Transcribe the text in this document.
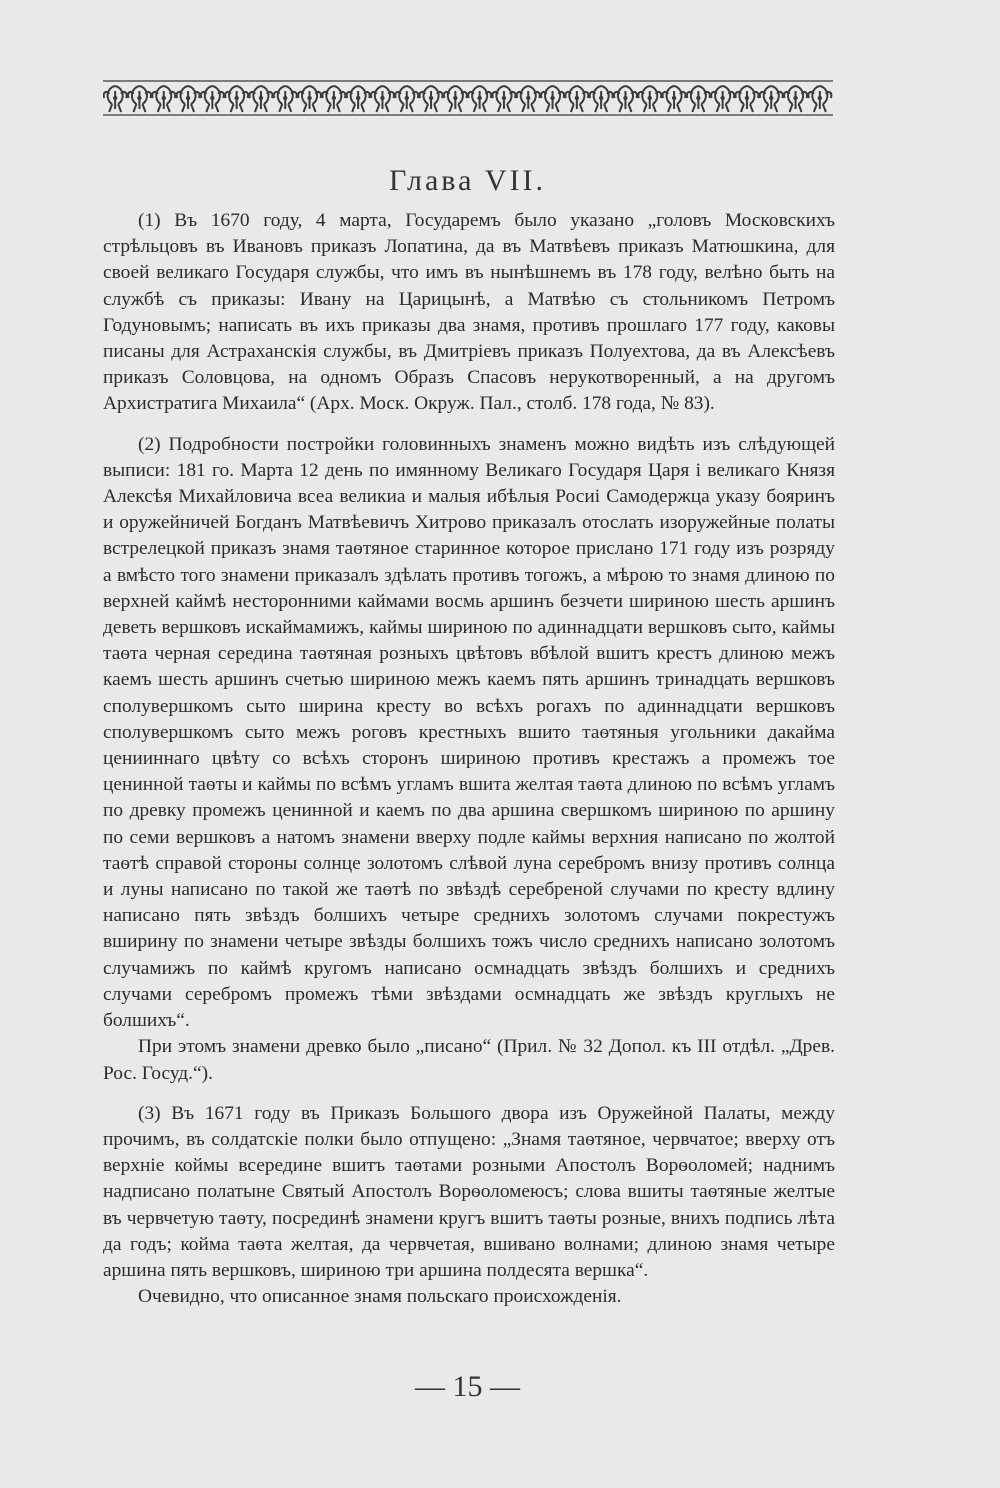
Глава VII.

(1) Въ 1670 году, 4 марта, Государемъ было указано „головъ Московскихъ стрѣльцовъ въ Ивановъ приказъ Лопатина, да въ Матвѣевъ приказъ Матюшкина, для своей великаго Государя службы, что имъ въ нынѣшнемъ въ 178 году, велѣно быть на службѣ съ приказы: Ивану на Царицынѣ, а Матвѣю съ стольникомъ Петромъ Годуновымъ; написать въ ихъ приказы два знамя, противъ прошлаго 177 году, каковы писаны для Астраханскія службы, въ Дмитріевъ приказъ Полуехтова, да въ Алексѣевъ приказъ Соловцова, на одномъ Образъ Спасовъ нерукотворенный, а на другомъ Архистратига Михаила“ (Арх. Моск. Окруж. Пал., столб. 178 года, № 83).

(2) Подробности постройки головинныхъ знаменъ можно видѣть изъ слѣдующей выписи: 181 го. Марта 12 день по имянному Великаго Государя Царя і великаго Князя Алексѣя Михайловича всеа великиа и малыя ибѣлыя Росиі Самодержца указу бояринъ и оружейничей Богданъ Матвѣевичъ Хитрово приказалъ отослать изоружейные полаты встрелецкой приказъ знамя таѳтяное старинное которое прислано 171 году изъ розряду а вмѣсто того знамени приказалъ здѣлать противъ тогожъ, а мѣрою то знамя длиною по верхней каймѣ несторонними каймами восмь аршинъ безчети шириною шесть аршинъ деветь вершковъ искаймамижъ, каймы шириною по адиннадцати вершковъ сыто, каймы таѳта черная середина таѳтяная розныхъ цвѣтовъ вбѣлой вшитъ крестъ длиною межъ каемъ шесть аршинъ счетью шириною межъ каемъ пять аршинъ тринадцать вершковъ сполувершкомъ сыто ширина кресту во всѣхъ рогахъ по адиннадцати вершковъ сполувершкомъ сыто межъ роговъ крестныхъ вшито таѳтяныя угольники дакайма ценииннаго цвѣту со всѣхъ сторонъ шириною противъ крестажъ а промежъ тое ценинной таѳты и каймы по всѣмъ угламъ вшита желтая таѳта длиною по всѣмъ угламъ по древку промежъ ценинной и каемъ по два аршина свершкомъ шириною по аршину по семи вершковъ а натомъ знамени вверху подле каймы верхния написано по жолтой таѳтѣ справой стороны солнце золотомъ слѣвой луна серебромъ внизу противъ солнца и луны написано по такой же таѳтѣ по звѣздѣ серебреной случами по кресту вдлину написано пять звѣздъ болшихъ четыре среднихъ золотомъ случами покрестужъ вширину по знамени четыре звѣзды болшихъ тожъ число среднихъ написано золотомъ случамижъ по каймѣ кругомъ написано осмнадцать звѣздъ болшихъ и среднихъ случами серебромъ промежъ тѣми звѣздами осмнадцать же звѣздъ круглыхъ не болшихъ“.

При этомъ знамени древко было „писано“ (Прил. № 32 Допол. къ III отдѣл. „Древ. Рос. Госуд.“).

(3) Въ 1671 году въ Приказъ Большого двора изъ Оружейной Палаты, между прочимъ, въ солдатскіе полки было отпущено: „Знамя таѳтяное, червчатое; вверху отъ верхніе коймы всередине вшитъ таѳтами розными Апостолъ Ворѳоломей; наднимъ надписано полатыне Святый Апостолъ Ворѳоломеюсъ; слова вшиты таѳтяные желтые въ червчетую таѳту, посрединѣ знамени кругъ вшитъ таѳты розные, внихъ подпись лѣта да годъ; койма таѳта желтая, да червчетая, вшивано волнами; длиною знамя четыре аршина пять вершковъ, шириною три аршина полдесята вершка“.

Очевидно, что описанное знамя польскаго происхожденія.

— 15 —
